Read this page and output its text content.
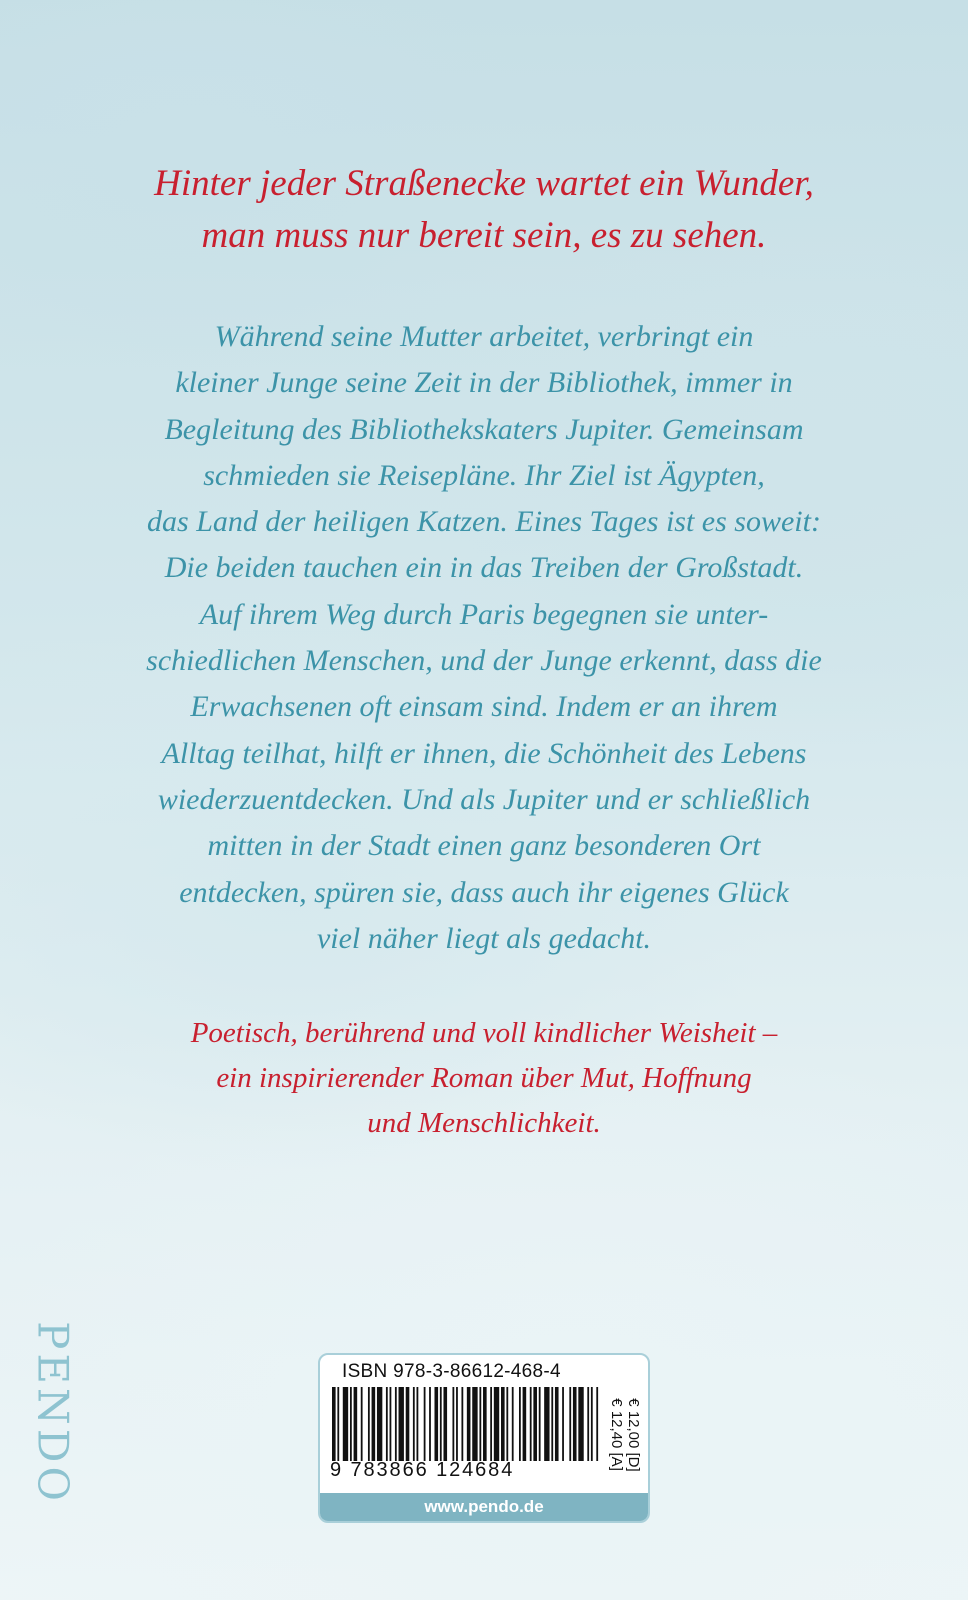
Hinter jeder Straßenecke wartet ein Wunder,
man muss nur bereit sein, es zu sehen.
Während seine Mutter arbeitet, verbringt ein
kleiner Junge seine Zeit in der Bibliothek, immer in
Begleitung des Bibliothekskaters Jupiter. Gemeinsam
schmieden sie Reisepläne. Ihr Ziel ist Ägypten,
das Land der heiligen Katzen. Eines Tages ist es soweit:
Die beiden tauchen ein in das Treiben der Großstadt.
Auf ihrem Weg durch Paris begegnen sie unter-
schiedlichen Menschen, und der Junge erkennt, dass die
Erwachsenen oft einsam sind. Indem er an ihrem
Alltag teilhat, hilft er ihnen, die Schönheit des Lebens
wiederzuentdecken. Und als Jupiter und er schließlich
mitten in der Stadt einen ganz besonderen Ort
entdecken, spüren sie, dass auch ihr eigenes Glück
viel näher liegt als gedacht.
Poetisch, berührend und voll kindlicher Weisheit –
ein inspirierender Roman über Mut, Hoffnung
und Menschlichkeit.
PENDO	ISBN 978-3-86612-468-4
€ 12,00 [D]
€ 12,40 [A]
9 783866 124684
www.pendo.de
